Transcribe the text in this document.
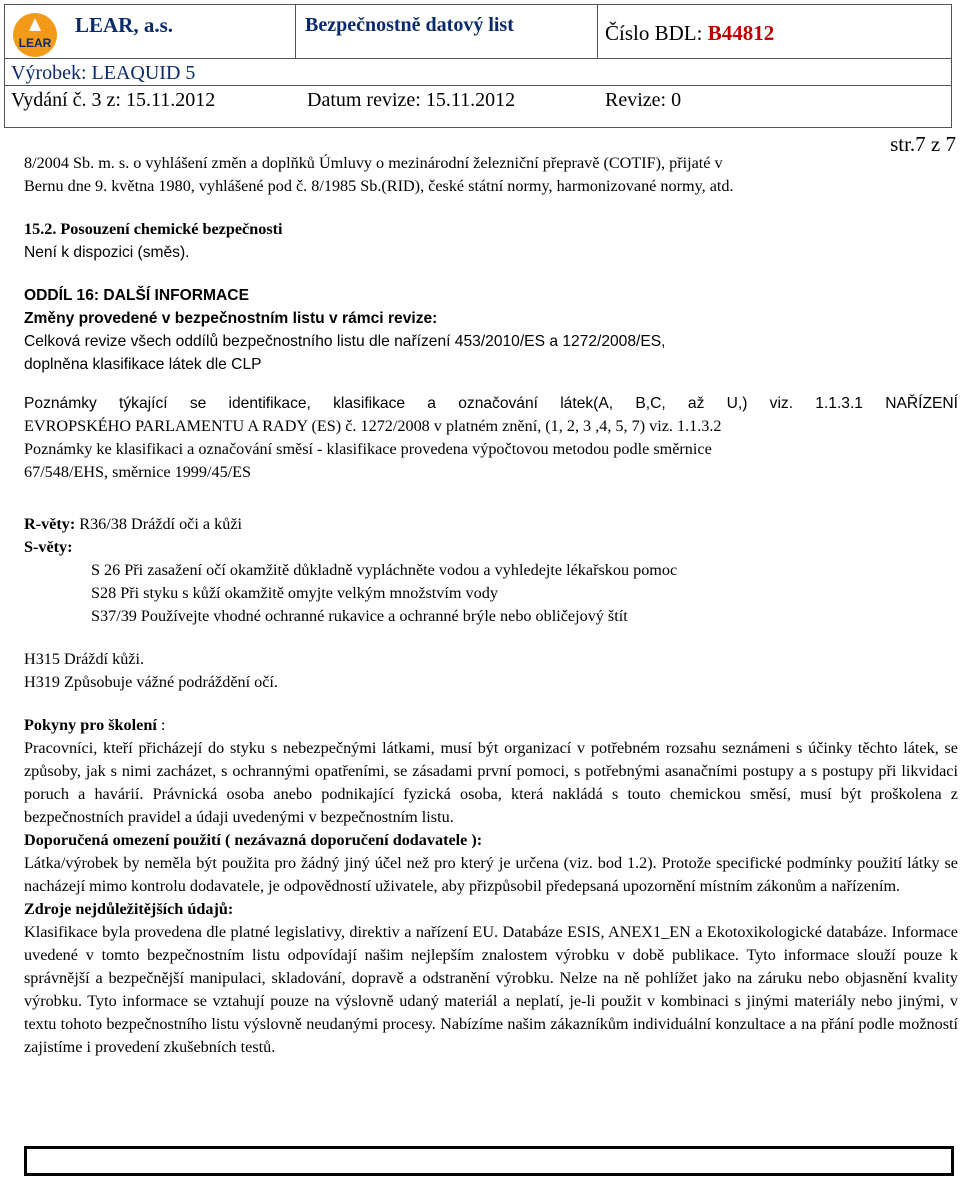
LEAR
LEAR, a.s.	Bezpečnostně datový list	Číslo BDL: B44812
Výrobek: LEAQUID 5
Vydání č. 3 z: 15.11.2012	Datum revize: 15.11.2012	Revize: 0
str.7 z 7

8/2004 Sb. m. s. o vyhlášení změn a doplňků Úmluvy o mezinárodní železniční přepravě (COTIF), přijaté v

Bernu dne 9. května 1980, vyhlášené pod č. 8/1985 Sb.(RID), české státní normy, harmonizované normy, atd.

15.2. Posouzení chemické bezpečnosti

Není k dispozici (směs).

ODDÍL 16: DALŠÍ INFORMACE

Změny provedené v bezpečnostním listu v rámci revize:

Celková revize všech oddílů bezpečnostního listu dle nařízení 453/2010/ES a 1272/2008/ES,

doplněna klasifikace látek dle CLP

Poznámky týkající se identifikace, klasifikace a označování látek(A, B,C, až U,) viz. 1.1.3.1 NAŘÍZENÍ

EVROPSKÉHO PARLAMENTU A RADY (ES) č. 1272/2008 v platném znění, (1, 2, 3 ,4, 5, 7) viz. 1.1.3.2

Poznámky ke klasifikaci a označování směsí - klasifikace provedena výpočtovou metodou podle směrnice

67/548/EHS, směrnice 1999/45/ES

R-věty: R36/38 Dráždí oči a kůži

S-věty:

S 26 Při zasažení očí okamžitě důkladně vypláchněte vodou a vyhledejte lékařskou pomoc

S28 Při styku s kůží okamžitě omyjte velkým množstvím vody

S37/39 Používejte vhodné ochranné rukavice a ochranné brýle nebo obličejový štít

H315 Dráždí kůži.

H319 Způsobuje vážné podráždění očí.

Pokyny pro školení :

Pracovníci, kteří přicházejí do styku s nebezpečnými látkami, musí být organizací v potřebném rozsahu seznámeni s účinky těchto látek, se způsoby, jak s nimi zacházet, s ochrannými opatřeními, se zásadami první pomoci, s potřebnými asanačními postupy a s postupy při likvidaci poruch a havárií. Právnická osoba anebo podnikající fyzická osoba, která nakládá s touto chemickou směsí, musí být proškolena z bezpečnostních pravidel a údaji uvedenými v bezpečnostním listu.

Doporučená omezení použití ( nezávazná doporučení dodavatele ):

Látka/výrobek by neměla být použita pro žádný jiný účel než pro který je určena (viz. bod 1.2). Protože specifické podmínky použití látky se nacházejí mimo kontrolu dodavatele, je odpovědností uživatele, aby přizpůsobil předepsaná upozornění místním zákonům a nařízením.

Zdroje nejdůležitějších údajů:

Klasifikace byla provedena dle platné legislativy, direktiv a nařízení EU. Databáze ESIS, ANEX1_EN a Ekotoxikologické databáze. Informace uvedené v tomto bezpečnostním listu odpovídají našim nejlepším znalostem výrobku v době publikace. Tyto informace slouží pouze k správnější a bezpečnější manipulaci, skladování, dopravě a odstranění výrobku. Nelze na ně pohlížet jako na záruku nebo objasnění kvality výrobku. Tyto informace se vztahují pouze na výslovně udaný materiál a neplatí, je-li použit v kombinaci s jinými materiály nebo jinými, v textu tohoto bezpečnostního listu výslovně neudanými procesy. Nabízíme našim zákazníkům individuální konzultace a na přání podle možností zajistíme i provedení zkušebních testů.
